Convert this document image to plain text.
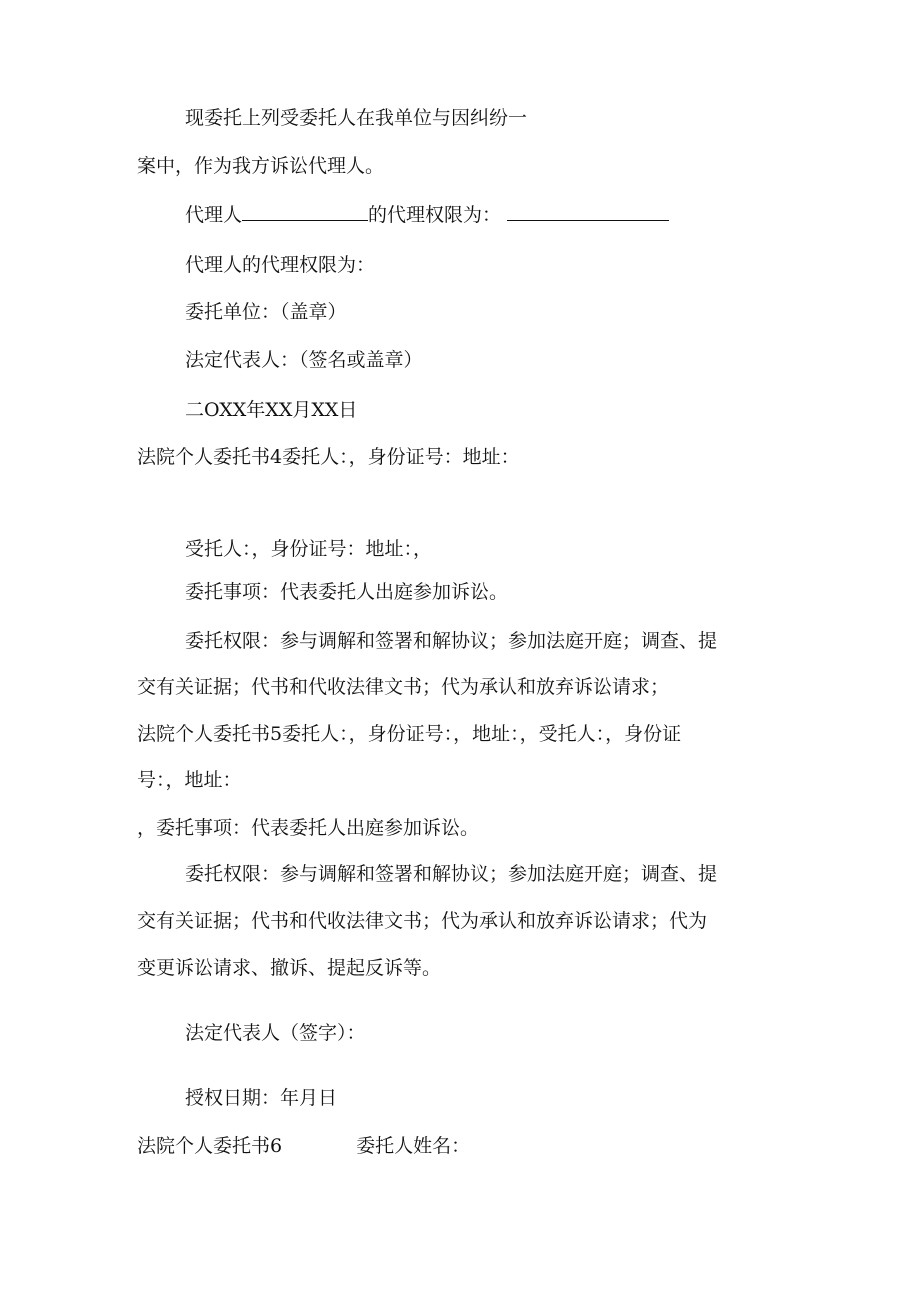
现委托上列受委托人在我单位与因纠纷一
案中，作为我方诉讼代理人。
代理人	的代理权限为：
代理人的代理权限为：
委托单位：（盖章）
法定代表人：（签名或盖章）
二OXX年XX月XX日
法院个人委托书4委托人：，身份证号：地址：
受托人：，身份证号：地址：，
委托事项：代表委托人出庭参加诉讼。
委托权限：参与调解和签署和解协议；参加法庭开庭；调查、提
交有关证据；代书和代收法律文书；代为承认和放弃诉讼请求；
法院个人委托书5委托人：，身份证号：，地址：，受托人：，身份证
号：，地址：
，委托事项：代表委托人出庭参加诉讼。
委托权限：参与调解和签署和解协议；参加法庭开庭；调查、提
交有关证据；代书和代收法律文书；代为承认和放弃诉讼请求；代为
变更诉讼请求、撤诉、提起反诉等。
法定代表人（签字）：
授权日期：年月日
法院个人委托书6	委托人姓名：
